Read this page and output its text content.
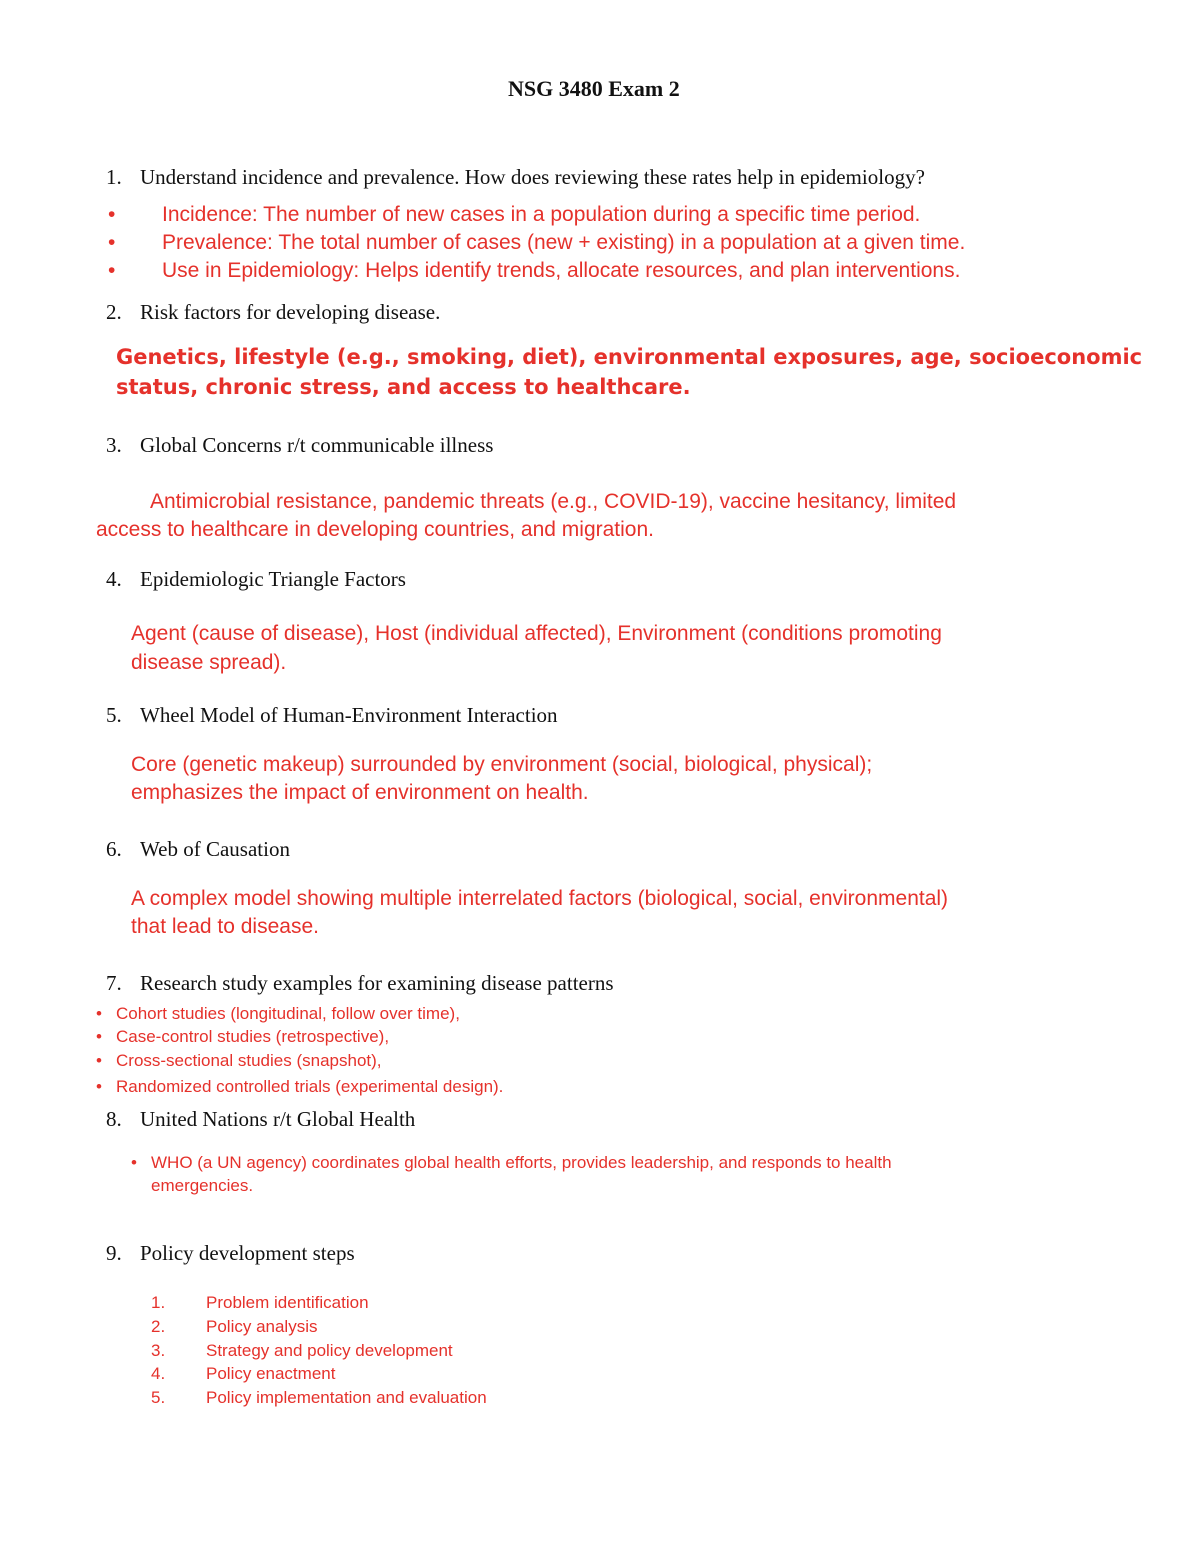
NSG 3480 Exam 2
1. Understand incidence and prevalence. How does reviewing these rates help in epidemiology?
• Incidence: The number of new cases in a population during a specific time period.
• Prevalence: The total number of cases (new + existing) in a population at a given time.
• Use in Epidemiology: Helps identify trends, allocate resources, and plan interventions.
2. Risk factors for developing disease.
Genetics, lifestyle (e.g., smoking, diet), environmental exposures, age, socioeconomic
status, chronic stress, and access to healthcare.
3. Global Concerns r/t communicable illness
Antimicrobial resistance, pandemic threats (e.g., COVID-19), vaccine hesitancy, limited
access to healthcare in developing countries, and migration.
4. Epidemiologic Triangle Factors
Agent (cause of disease), Host (individual affected), Environment (conditions promoting
disease spread).
5. Wheel Model of Human-Environment Interaction
Core (genetic makeup) surrounded by environment (social, biological, physical);
emphasizes the impact of environment on health.
6. Web of Causation
A complex model showing multiple interrelated factors (biological, social, environmental)
that lead to disease.
7. Research study examples for examining disease patterns
• Cohort studies (longitudinal, follow over time),
• Case-control studies (retrospective),
• Cross-sectional studies (snapshot),
• Randomized controlled trials (experimental design).
8. United Nations r/t Global Health
• WHO (a UN agency) coordinates global health efforts, provides leadership, and responds to health
emergencies.
9. Policy development steps
1. Problem identification
2. Policy analysis
3. Strategy and policy development
4. Policy enactment
5. Policy implementation and evaluation
